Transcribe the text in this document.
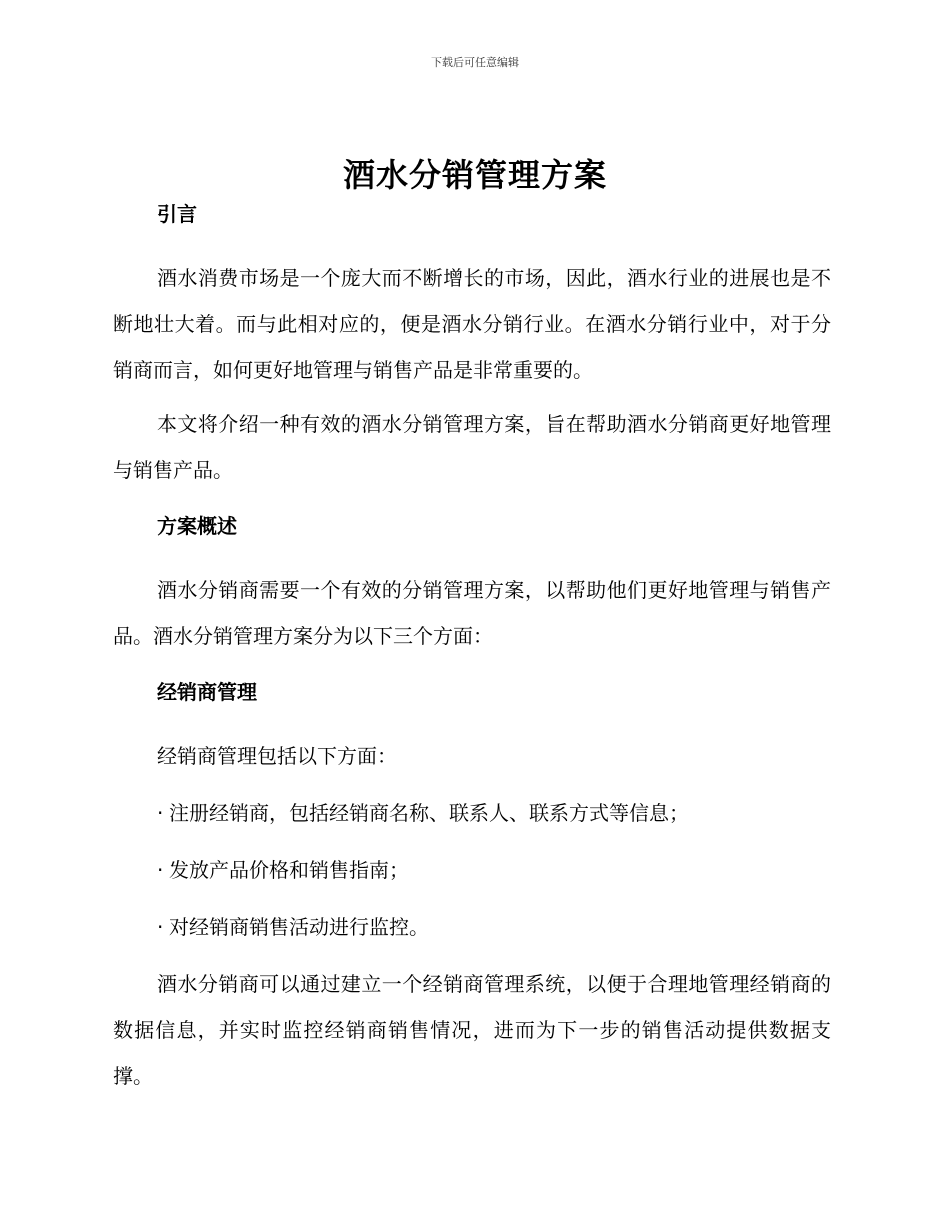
下载后可任意编辑
酒水分销管理方案
引言

酒水消费市场是一个庞大而不断增长的市场，因此，酒水行业的进展也是不断地壮大着。而与此相对应的，便是酒水分销行业。在酒水分销行业中，对于分销商而言，如何更好地管理与销售产品是非常重要的。

本文将介绍一种有效的酒水分销管理方案，旨在帮助酒水分销商更好地管理与销售产品。

方案概述

酒水分销商需要一个有效的分销管理方案，以帮助他们更好地管理与销售产品。酒水分销管理方案分为以下三个方面：

经销商管理
经销商管理包括以下方面：
· 注册经销商，包括经销商名称、联系人、联系方式等信息；
· 发放产品价格和销售指南；
· 对经销商销售活动进行监控。

酒水分销商可以通过建立一个经销商管理系统，以便于合理地管理经销商的数据信息，并实时监控经销商销售情况，进而为下一步的销售活动提供数据支撑。
